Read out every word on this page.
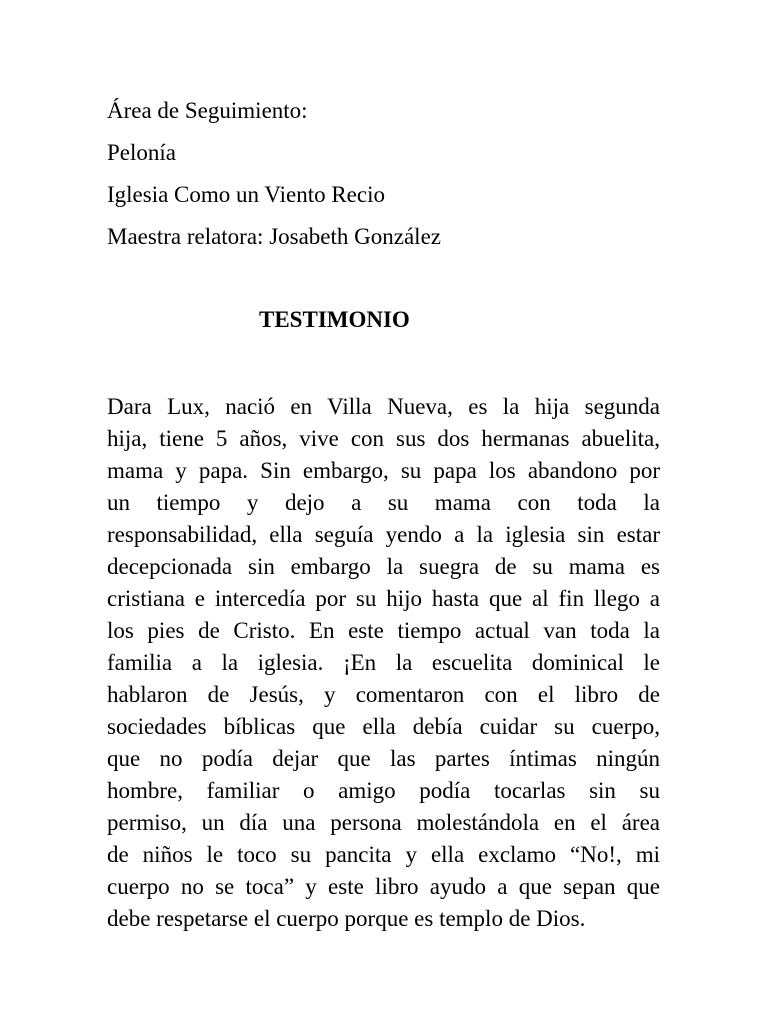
Área de Seguimiento:
Pelonía
Iglesia Como un Viento Recio
Maestra relatora: Josabeth González
TESTIMONIO
Dara Lux, nació en Villa Nueva, es la hija segunda
hija, tiene 5 años, vive con sus dos hermanas abuelita,
mama y papa. Sin embargo, su papa los abandono por
un tiempo y dejo a su mama con toda la
responsabilidad, ella seguía yendo a la iglesia sin estar
decepcionada sin embargo la suegra de su mama es
cristiana e intercedía por su hijo hasta que al fin llego a
los pies de Cristo. En este tiempo actual van toda la
familia a la iglesia. ¡En la escuelita dominical le
hablaron de Jesús, y comentaron con el libro de
sociedades bíblicas que ella debía cuidar su cuerpo,
que no podía dejar que las partes íntimas ningún
hombre, familiar o amigo podía tocarlas sin su
permiso, un día una persona molestándola en el área
de niños le toco su pancita y ella exclamo “No!, mi
cuerpo no se toca” y este libro ayudo a que sepan que
debe respetarse el cuerpo porque es templo de Dios.
